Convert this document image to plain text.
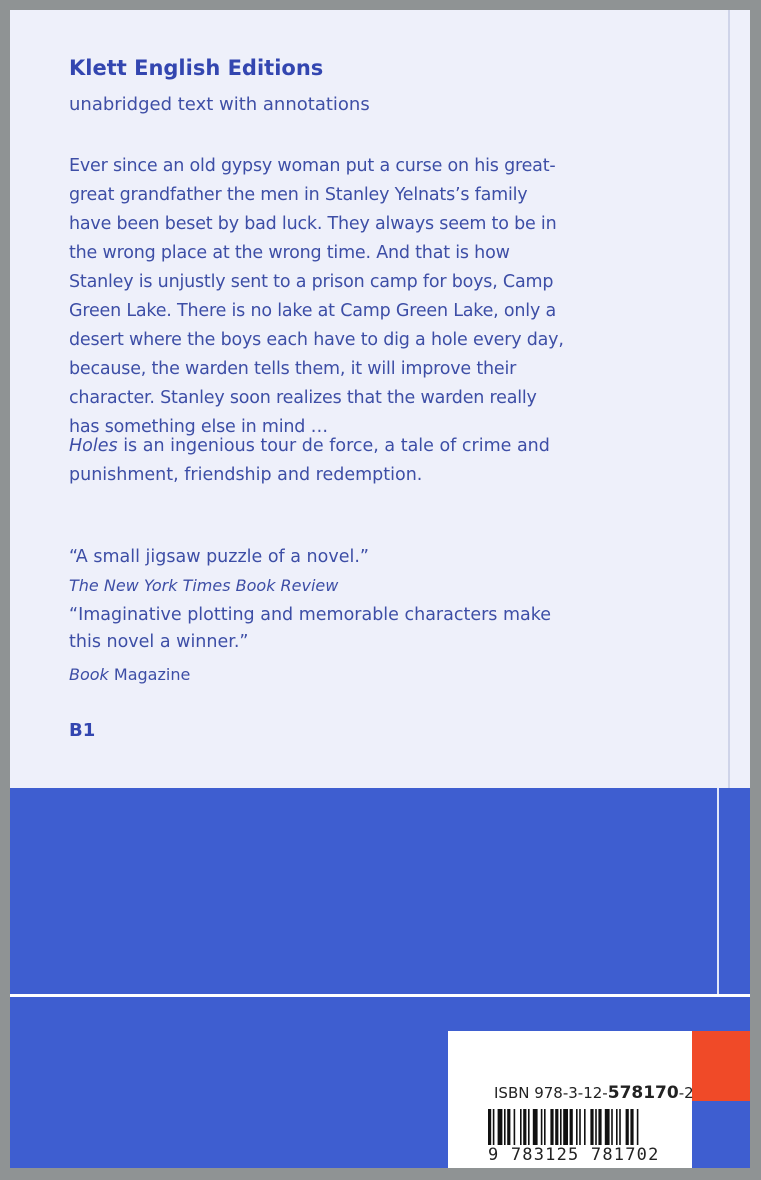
Klett English Editions

unabridged text with annotations

Ever since an old gypsy woman put a curse on his great-great grandfather the men in Stanley Yelnats’s family have been beset by bad luck. They always seem to be in the wrong place at the wrong time. And that is how Stanley is unjustly sent to a prison camp for boys, Camp Green Lake. There is no lake at Camp Green Lake, only a desert where the boys each have to dig a hole every day, because, the warden tells them, it will improve their character. Stanley soon realizes that the warden really has something else in mind …

Holes is an ingenious tour de force, a tale of crime and punishment, friendship and redemption.

“A small jigsaw puzzle of a novel.”

The New York Times Book Review

“Imaginative plotting and memorable characters make this novel a winner.”

Book Magazine

B1

ISBN 978-3-12-578170-2
9 783125 781702
